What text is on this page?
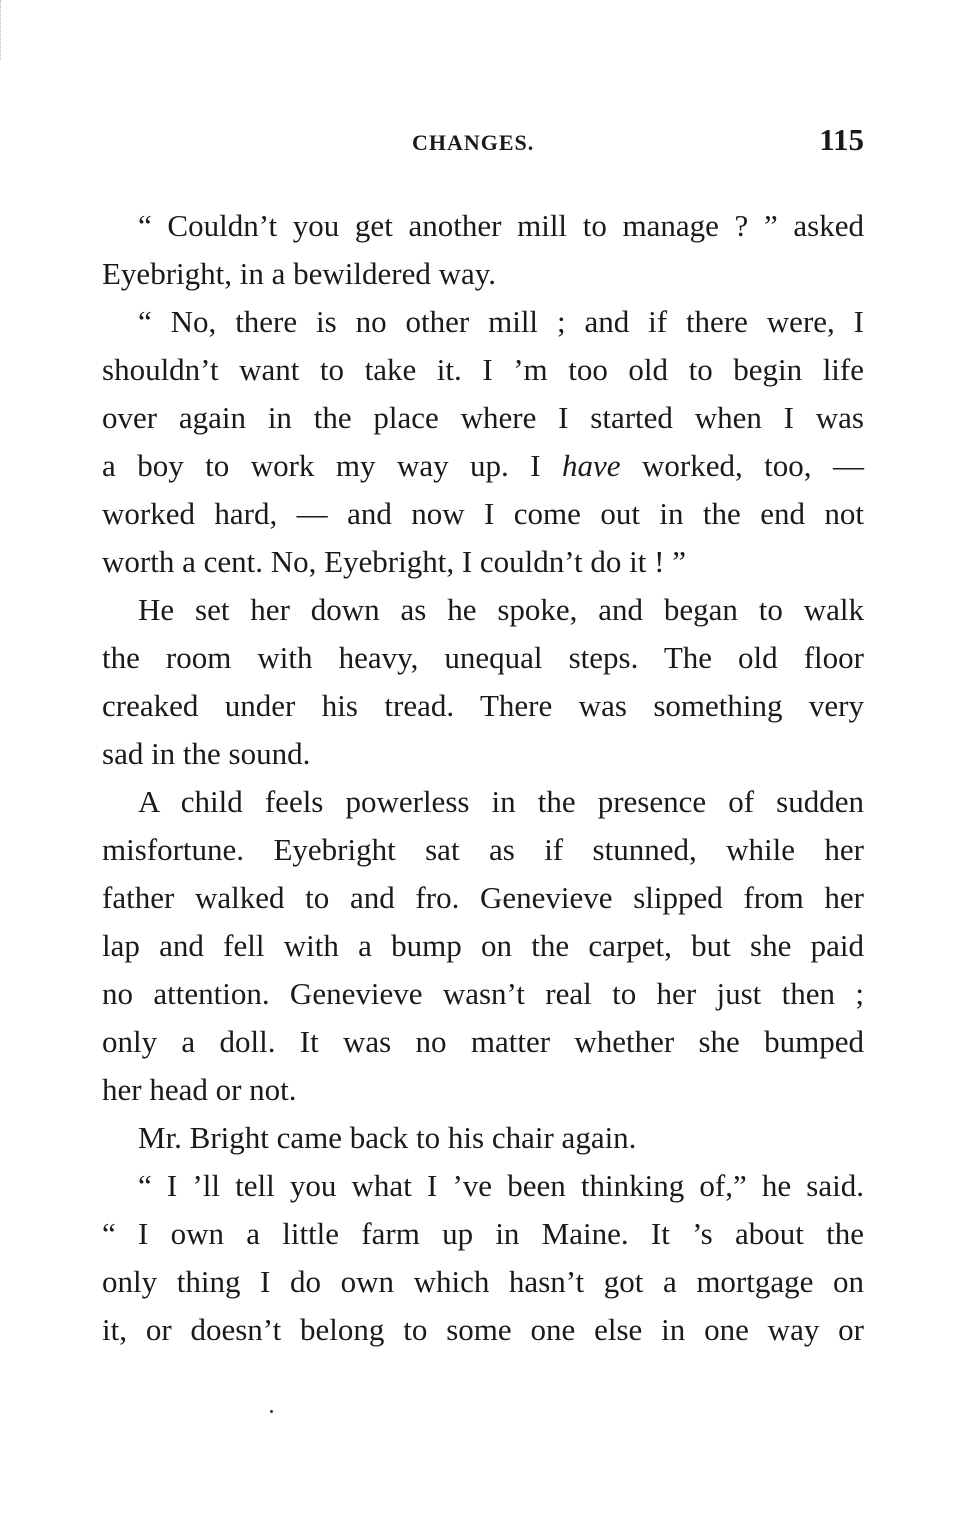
CHANGES.	115
“ Couldn’t you get another mill to manage ? ” asked
Eyebright, in a bewildered way.
“ No, there is no other mill ; and if there were, I
shouldn’t want to take it. I ’m too old to begin life
over again in the place where I started when I was
a boy to work my way up. I have worked, too, —
worked hard, — and now I come out in the end not
worth a cent. No, Eyebright, I couldn’t do it ! ”
He set her down as he spoke, and began to walk
the room with heavy, unequal steps. The old floor
creaked under his tread. There was something very
sad in the sound.
A child feels powerless in the presence of sudden
misfortune. Eyebright sat as if stunned, while her
father walked to and fro. Genevieve slipped from her
lap and fell with a bump on the carpet, but she paid
no attention. Genevieve wasn’t real to her just then ;
only a doll. It was no matter whether she bumped
her head or not.
Mr. Bright came back to his chair again.
“ I ’ll tell you what I ’ve been thinking of,” he said.
“ I own a little farm up in Maine. It ’s about the
only thing I do own which hasn’t got a mortgage on
it, or doesn’t belong to some one else in one way or
